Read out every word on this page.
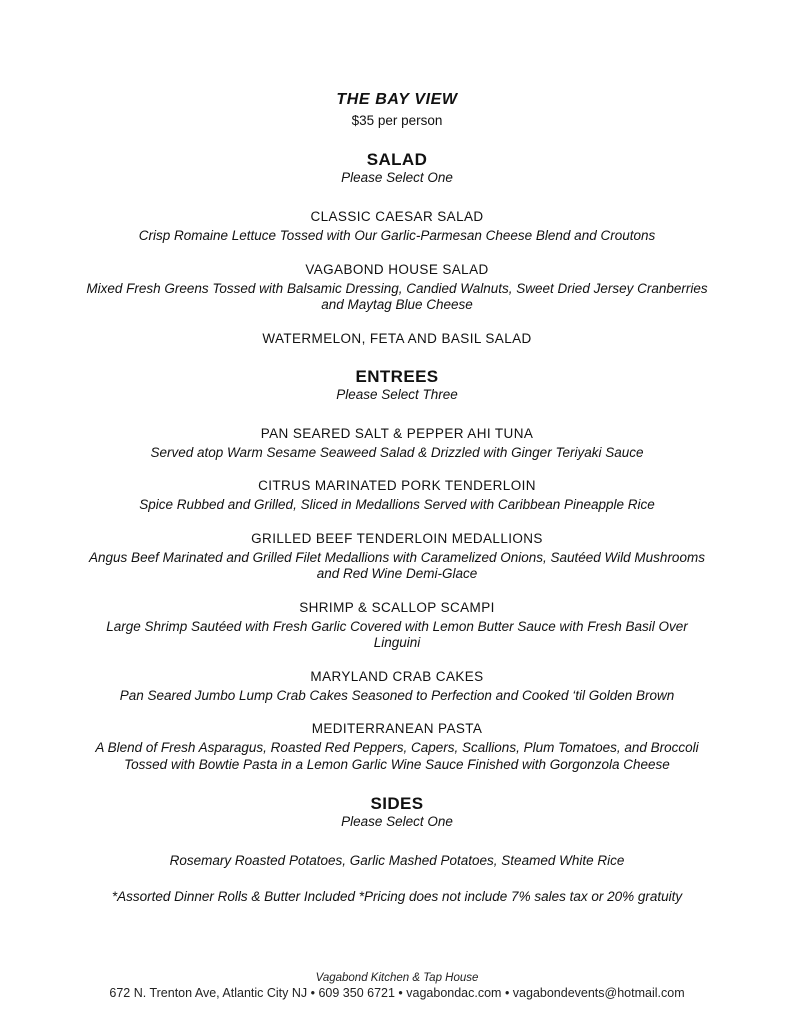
THE BAY VIEW
$35 per person
SALAD
Please Select One
CLASSIC CAESAR SALAD
Crisp Romaine Lettuce Tossed with Our Garlic-Parmesan Cheese Blend and Croutons
VAGABOND HOUSE SALAD
Mixed Fresh Greens Tossed with Balsamic Dressing, Candied Walnuts, Sweet Dried Jersey Cranberries and Maytag Blue Cheese
WATERMELON, FETA AND BASIL SALAD
ENTREES
Please Select Three
PAN SEARED SALT & PEPPER AHI TUNA
Served atop Warm Sesame Seaweed Salad & Drizzled with Ginger Teriyaki Sauce
CITRUS MARINATED PORK TENDERLOIN
Spice Rubbed and Grilled, Sliced in Medallions Served with Caribbean Pineapple Rice
GRILLED BEEF TENDERLOIN MEDALLIONS
Angus Beef Marinated and Grilled Filet Medallions with Caramelized Onions, Sautéed Wild Mushrooms and Red Wine Demi-Glace
SHRIMP & SCALLOP SCAMPI
Large Shrimp Sautéed with Fresh Garlic Covered with Lemon Butter Sauce with Fresh Basil Over Linguini
MARYLAND CRAB CAKES
Pan Seared Jumbo Lump Crab Cakes Seasoned to Perfection and Cooked ‘til Golden Brown
MEDITERRANEAN PASTA
A Blend of Fresh Asparagus, Roasted Red Peppers, Capers, Scallions, Plum Tomatoes, and Broccoli Tossed with Bowtie Pasta in a Lemon Garlic Wine Sauce Finished with Gorgonzola Cheese
SIDES
Please Select One
Rosemary Roasted Potatoes, Garlic Mashed Potatoes, Steamed White Rice
*Assorted Dinner Rolls & Butter Included *Pricing does not include 7% sales tax or 20% gratuity
Vagabond Kitchen & Tap House
672 N. Trenton Ave, Atlantic City NJ • 609 350 6721 • vagabondac.com • vagabondevents@hotmail.com
